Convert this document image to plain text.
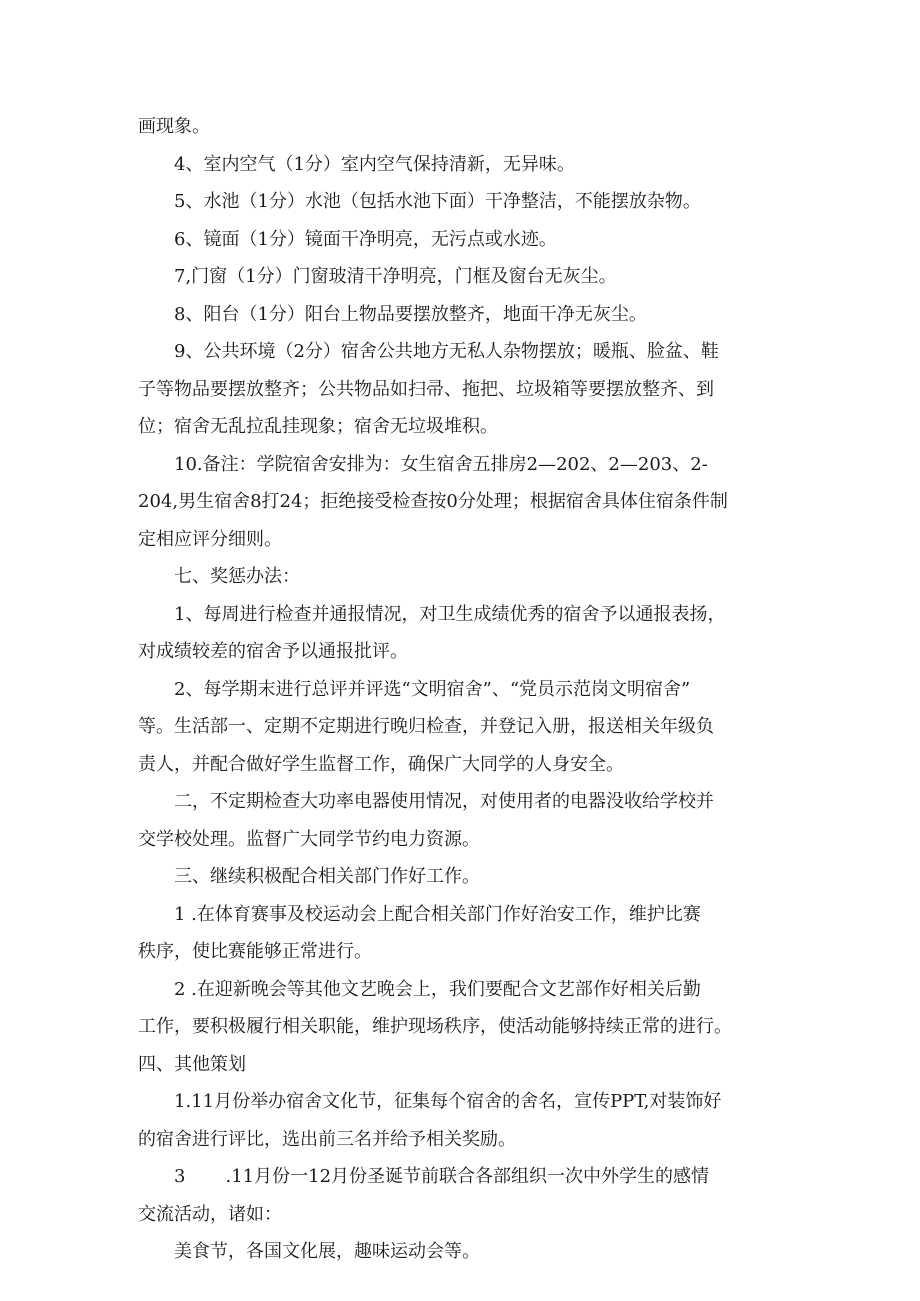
画现象。
4、室内空气（1分）室内空气保持清新，无异味。
5、水池（1分）水池（包括水池下面）干净整洁，不能摆放杂物。
6、镜面（1分）镜面干净明亮，无污点或水迹。
7,门窗（1分）门窗玻清干净明亮，门框及窗台无灰尘。
8、阳台（1分）阳台上物品要摆放整齐，地面干净无灰尘。
9、公共环境（2分）宿舍公共地方无私人杂物摆放；暖瓶、脸盆、鞋
子等物品要摆放整齐；公共物品如扫帚、拖把、垃圾箱等要摆放整齐、到
位；宿舍无乱拉乱挂现象；宿舍无垃圾堆积。
10.备注：学院宿舍安排为：女生宿舍五排房2—202、2—203、2-
204,男生宿舍8打24；拒绝接受检查按0分处理；根据宿舍具体住宿条件制
定相应评分细则。
七、奖惩办法：
1、每周进行检查并通报情况，对卫生成绩优秀的宿舍予以通报表扬，
对成绩较差的宿舍予以通报批评。
2、每学期末进行总评并评选“文明宿舍”、“党员示范岗文明宿舍”
等。生活部一、定期不定期进行晚归检查，并登记入册，报送相关年级负
责人，并配合做好学生监督工作，确保广大同学的人身安全。
二，不定期检查大功率电器使用情况，对使用者的电器没收给学校并
交学校处理。监督广大同学节约电力资源。
三、继续积极配合相关部门作好工作。
1 .在体育赛事及校运动会上配合相关部门作好治安工作，维护比赛
秩序，使比赛能够正常进行。
2 .在迎新晚会等其他文艺晚会上，我们要配合文艺部作好相关后勤
工作，要积极履行相关职能，维护现场秩序，使活动能够持续正常的进行。
四、其他策划
1.11月份举办宿舍文化节，征集每个宿舍的舍名，宣传PPT,对装饰好
的宿舍进行评比，选出前三名并给予相关奖励。
3       .11月份一12月份圣诞节前联合各部组织一次中外学生的感情
交流活动，诸如：
美食节，各国文化展，趣味运动会等。
